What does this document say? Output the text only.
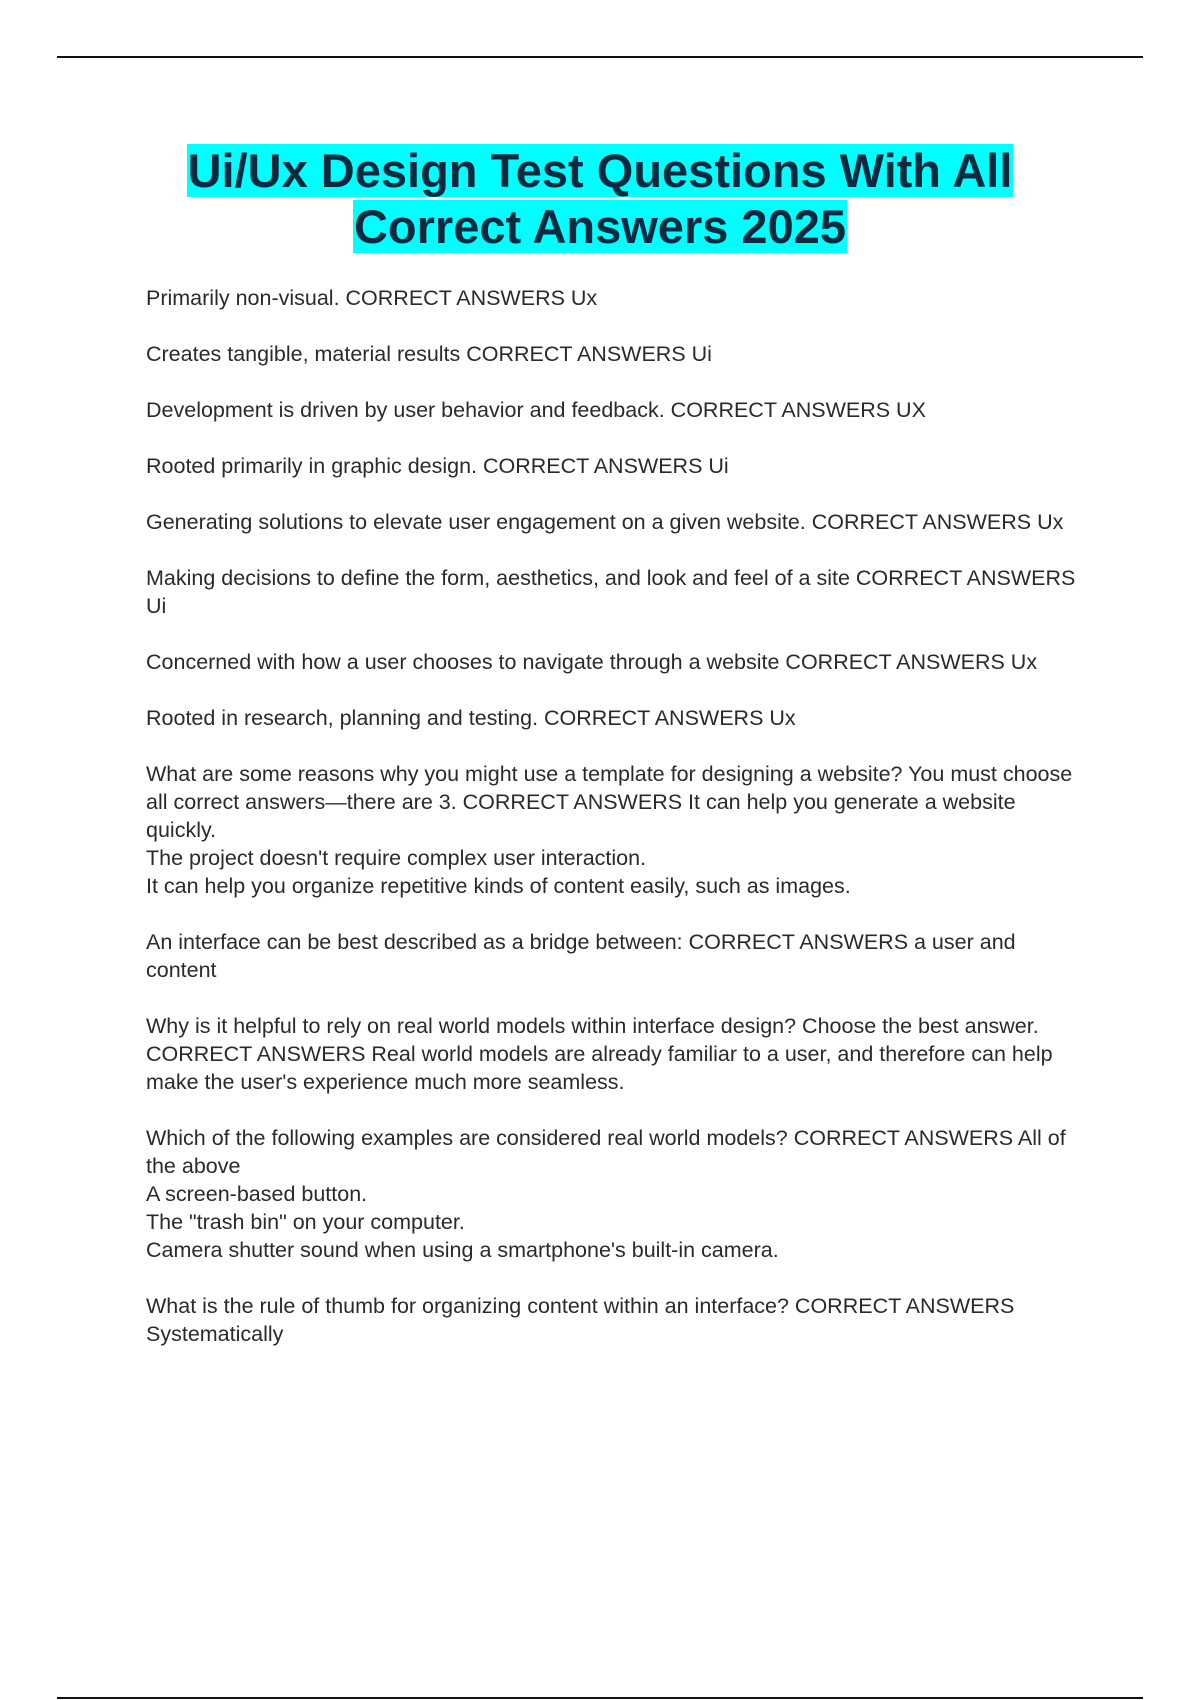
Ui/Ux Design Test Questions With All
Correct Answers 2025
Primarily non-visual. CORRECT ANSWERS Ux
Creates tangible, material results CORRECT ANSWERS Ui
Development is driven by user behavior and feedback. CORRECT ANSWERS UX
Rooted primarily in graphic design. CORRECT ANSWERS Ui
Generating solutions to elevate user engagement on a given website. CORRECT ANSWERS Ux
Making decisions to define the form, aesthetics, and look and feel of a site CORRECT ANSWERS Ui
Concerned with how a user chooses to navigate through a website CORRECT ANSWERS Ux
Rooted in research, planning and testing. CORRECT ANSWERS Ux
What are some reasons why you might use a template for designing a website? You must choose all correct answers—there are 3. CORRECT ANSWERS It can help you generate a website quickly.
The project doesn't require complex user interaction.
It can help you organize repetitive kinds of content easily, such as images.
An interface can be best described as a bridge between: CORRECT ANSWERS a user and content
Why is it helpful to rely on real world models within interface design? Choose the best answer. CORRECT ANSWERS Real world models are already familiar to a user, and therefore can help make the user's experience much more seamless.
Which of the following examples are considered real world models? CORRECT ANSWERS All of the above
A screen-based button.
The "trash bin" on your computer.
Camera shutter sound when using a smartphone's built-in camera.
What is the rule of thumb for organizing content within an interface? CORRECT ANSWERS Systematically
